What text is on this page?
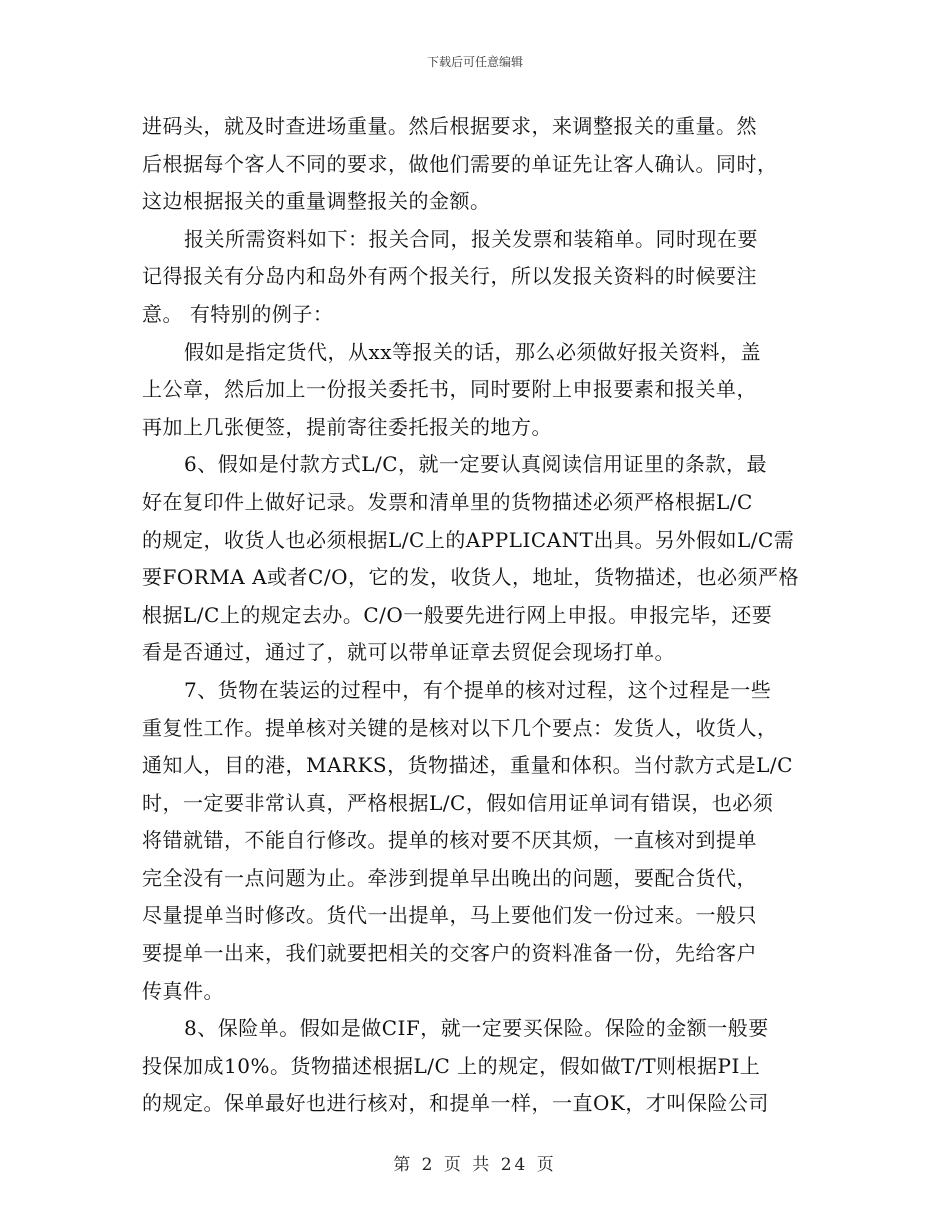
下载后可任意编辑
进码头，就及时查进场重量。然后根据要求，来调整报关的重量。然
后根据每个客人不同的要求，做他们需要的单证先让客人确认。同时，
这边根据报关的重量调整报关的金额。
报关所需资料如下：报关合同，报关发票和装箱单。同时现在要
记得报关有分岛内和岛外有两个报关行，所以发报关资料的时候要注
意。 有特别的例子：
假如是指定货代，从xx等报关的话，那么必须做好报关资料，盖
上公章，然后加上一份报关委托书，同时要附上申报要素和报关单，
再加上几张便签，提前寄往委托报关的地方。
6、假如是付款方式L/C，就一定要认真阅读信用证里的条款，最
好在复印件上做好记录。发票和清单里的货物描述必须严格根据L/C
的规定，收货人也必须根据L/C上的APPLICANT出具。另外假如L/C需
要FORMA A或者C/O，它的发，收货人，地址，货物描述，也必须严格
根据L/C上的规定去办。C/O一般要先进行网上申报。申报完毕，还要
看是否通过，通过了，就可以带单证章去贸促会现场打单。
7、货物在装运的过程中，有个提单的核对过程，这个过程是一些
重复性工作。提单核对关键的是核对以下几个要点：发货人，收货人，
通知人，目的港，MARKS，货物描述，重量和体积。当付款方式是L/C
时，一定要非常认真，严格根据L/C，假如信用证单词有错误，也必须
将错就错，不能自行修改。提单的核对要不厌其烦，一直核对到提单
完全没有一点问题为止。牵涉到提单早出晚出的问题，要配合货代，
尽量提单当时修改。货代一出提单，马上要他们发一份过来。一般只
要提单一出来，我们就要把相关的交客户的资料准备一份，先给客户
传真件。
8、保险单。假如是做CIF，就一定要买保险。保险的金额一般要
投保加成10%。货物描述根据L/C 上的规定，假如做T/T则根据PI上
的规定。保单最好也进行核对，和提单一样，一直OK，才叫保险公司
第 2 页 共 24 页
